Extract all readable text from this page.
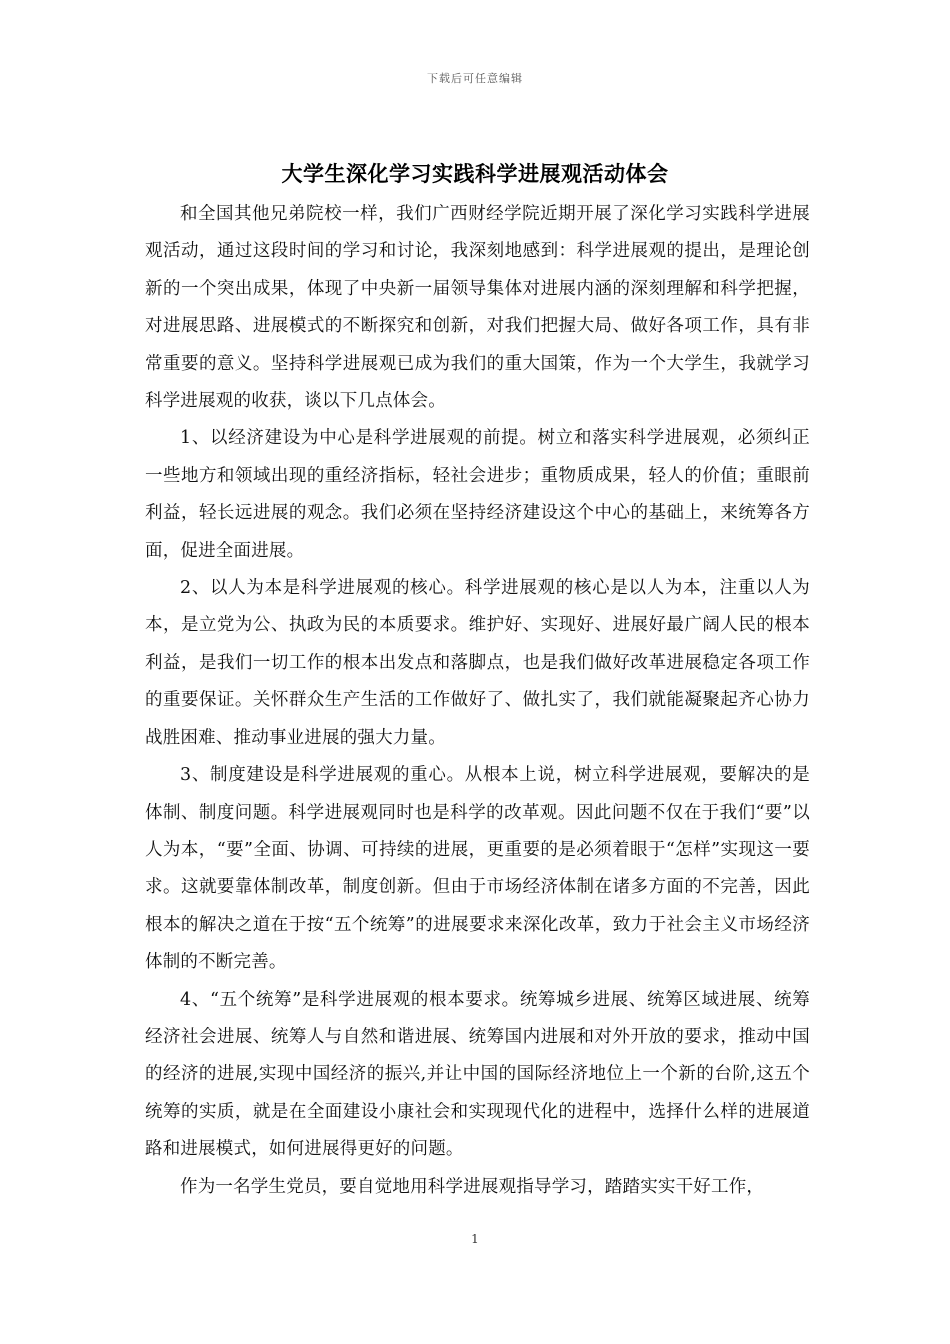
下载后可任意编辑
大学生深化学习实践科学进展观活动体会

和全国其他兄弟院校一样，我们广西财经学院近期开展了深化学习实践科学进展观活动，通过这段时间的学习和讨论，我深刻地感到：科学进展观的提出，是理论创新的一个突出成果，体现了中央新一届领导集体对进展内涵的深刻理解和科学把握，对进展思路、进展模式的不断探究和创新，对我们把握大局、做好各项工作，具有非常重要的意义。坚持科学进展观已成为我们的重大国策，作为一个大学生，我就学习科学进展观的收获，谈以下几点体会。

1、以经济建设为中心是科学进展观的前提。树立和落实科学进展观，必须纠正一些地方和领域出现的重经济指标，轻社会进步；重物质成果，轻人的价值；重眼前利益，轻长远进展的观念。我们必须在坚持经济建设这个中心的基础上，来统筹各方面，促进全面进展。

2、以人为本是科学进展观的核心。科学进展观的核心是以人为本，注重以人为本，是立党为公、执政为民的本质要求。维护好、实现好、进展好最广阔人民的根本利益，是我们一切工作的根本出发点和落脚点，也是我们做好改革进展稳定各项工作的重要保证。关怀群众生产生活的工作做好了、做扎实了，我们就能凝聚起齐心协力战胜困难、推动事业进展的强大力量。

3、制度建设是科学进展观的重心。从根本上说，树立科学进展观，要解决的是体制、制度问题。科学进展观同时也是科学的改革观。因此问题不仅在于我们“要”以人为本，“要”全面、协调、可持续的进展，更重要的是必须着眼于“怎样”实现这一要求。这就要靠体制改革，制度创新。但由于市场经济体制在诸多方面的不完善，因此根本的解决之道在于按“五个统筹”的进展要求来深化改革，致力于社会主义市场经济体制的不断完善。

4、“五个统筹”是科学进展观的根本要求。统筹城乡进展、统筹区域进展、统筹经济社会进展、统筹人与自然和谐进展、统筹国内进展和对外开放的要求，推动中国的经济的进展,实现中国经济的振兴,并让中国的国际经济地位上一个新的台阶,这五个统筹的实质，就是在全面建设小康社会和实现现代化的进程中，选择什么样的进展道路和进展模式，如何进展得更好的问题。

作为一名学生党员，要自觉地用科学进展观指导学习，踏踏实实干好工作，

1
